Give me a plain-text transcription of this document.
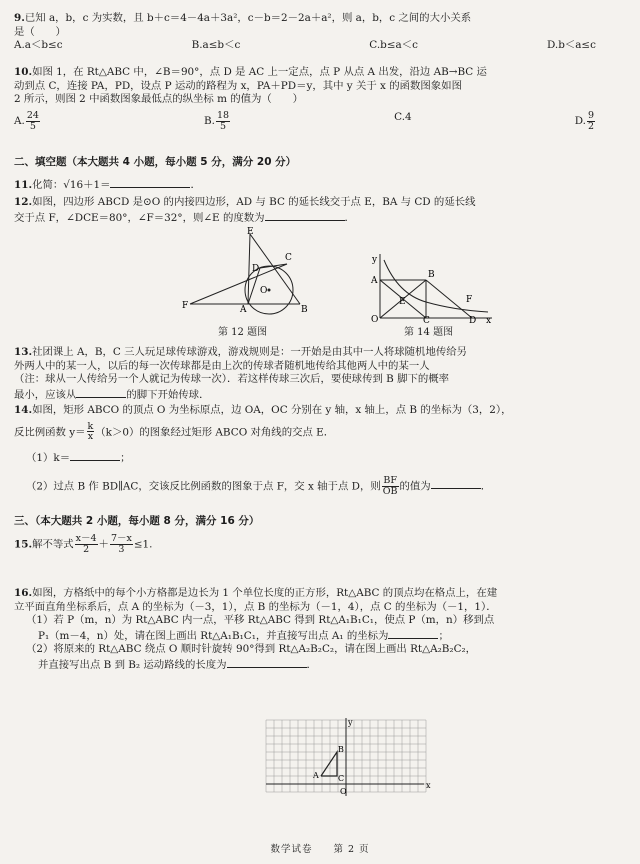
9.已知 a，b，c 为实数，且 b＋c＝4－4a＋3a²，c－b＝2－2a＋a²，则 a，b，c 之间的大小关系
是（　　）
A.a＜b≤c	B.a≤b＜c	C.b≤a＜c	D.b＜a≤c
10.如图 1，在 Rt△ABC 中，∠B＝90°，点 D 是 AC 上一定点，点 P 从点 A 出发，沿边 AB→BC 运
动到点 C，连接 PA，PD，设点 P 运动的路程为 x，PA＋PD＝y，其中 y 关于 x 的函数图象如图
2 所示，则图 2 中函数图象最低点的纵坐标 m 的值为（　　）
A. $\frac{24}{5}$	B. $\frac{18}{5}$	C.4	D. $\frac{9}{2}$
二、填空题（本大题共 4 小题，每小题 5 分，满分 20 分）
11.化简：√16＋1＝	．
12.如图，四边形 ABCD 是⊙O 的内接四边形，AD 与 BC 的延长线交于点 E，BA 与 CD 的延长线
交于点 F，∠DCE＝80°，∠F＝32°，则∠E 的度数为	．
E
C
D
O
A	B
F
第 12 题图
y
A
B
E	F
O	C	D x
第 14 题图
13.社团课上 A，B，C 三人玩足球传球游戏，游戏规则是：一开始是由其中一人将球随机地传给另
外两人中的某一人，以后的每一次传球都是由上次的传球者随机地传给其他两人中的某一人
（注：球从一人传给另一个人就记为传球一次）．若这样传球三次后，要使球传到 B 脚下的概率
最小，应该从	的脚下开始传球．
14.如图，矩形 ABCO 的顶点 O 为坐标原点，边 OA，OC 分别在 y 轴，x 轴上，点 B 的坐标为（3，2），
反比例函数 $y= \frac{k}{x} (k>0)$的图象经过矩形 ABCO 对角线的交点 E．
（1）k＝	；
（2）过点 B 作 BD∥AC，交该反比例函数的图象于点 F，交 x 轴于点 D，则 $\frac{BF}{OB}$ 的值为	．
三、（本大题共 2 小题，每小题 8 分，满分 16 分）
15.解不等式 $\frac{x-4}{2} + \frac{7-x}{3} \le 1$.
16.如图，方格纸中的每个小方格都是边长为 1 个单位长度的正方形，Rt△ABC 的顶点均在格点上，在建
立平面直角坐标系后，点 A 的坐标为（－3，1），点 B 的坐标为（－1，4），点 C 的坐标为（－1，1）．
（1）若 P（m，n）为 Rt△ABC 内一点，平移 Rt△ABC 得到 Rt△A₁B₁C₁，使点 P（m，n）移到点
P₁（m－4，n）处，请在图上画出 Rt△A₁B₁C₁，并直接写出点 A₁ 的坐标为	；
（2）将原来的 Rt△ABC 绕点 O 顺时针旋转 90°得到 Rt△A₂B₂C₂，请在图上画出 Rt△A₂B₂C₂，
并直接写出点 B 到 B₂ 运动路线的长度为	．
y
B
A C
O
x
数学试卷　　第 2 页
